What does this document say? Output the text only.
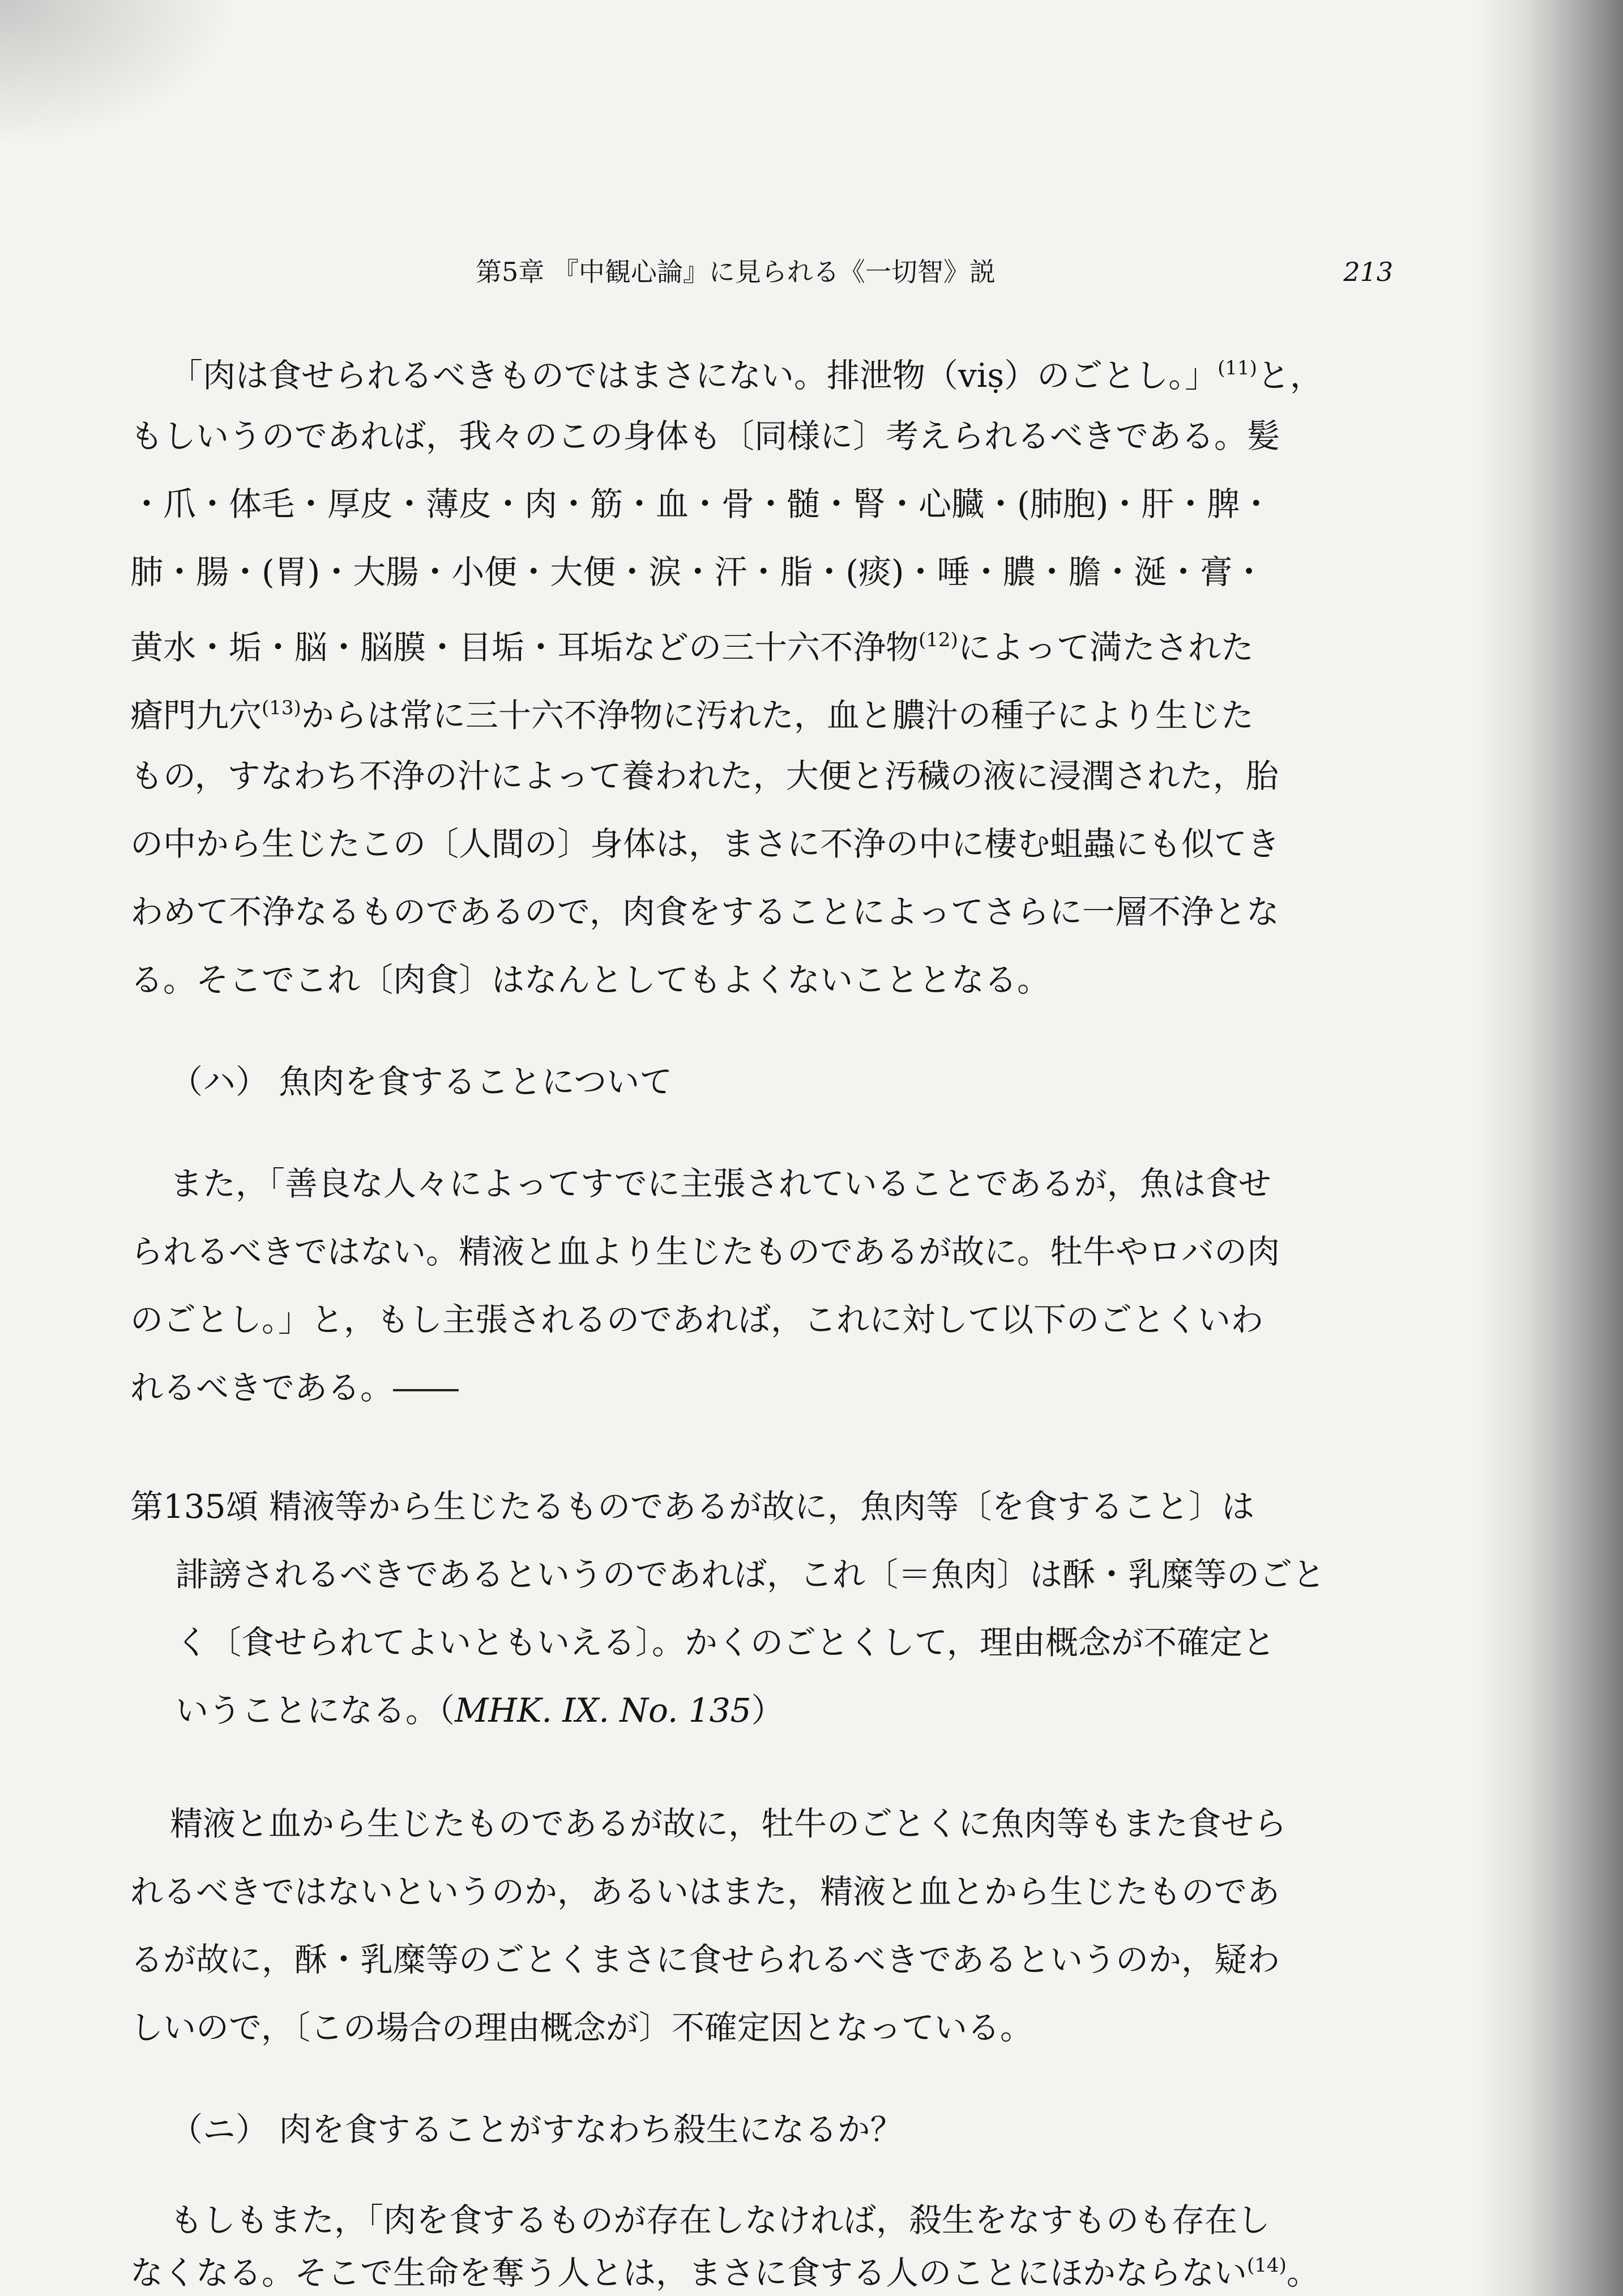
第5章 『中観心論』に見られる《一切智》説	213
「肉は食せられるべきものではまさにない。排泄物（viṣ）のごとし。」$^{(11)}$と，
もしいうのであれば，我々のこの身体も〔同様に〕考えられるべきである。髪
・爪・体毛・厚皮・薄皮・肉・筋・血・骨・髄・腎・心臓・(肺胞)・肝・脾・
肺・腸・(胃)・大腸・小便・大便・涙・汗・脂・(痰)・唾・膿・膽・涎・膏・
黄水・垢・脳・脳膜・目垢・耳垢などの三十六不浄物$^{(12)}$によって満たされた
瘡門九穴$^{(13)}$からは常に三十六不浄物に汚れた，血と膿汁の種子により生じた
もの，すなわち不浄の汁によって養われた，大便と汚穢の液に浸潤された，胎
の中から生じたこの〔人間の〕身体は，まさに不浄の中に棲む蛆蟲にも似てき
わめて不浄なるものであるので，肉食をすることによってさらに一層不浄とな
る。そこでこれ〔肉食〕はなんとしてもよくないこととなる。
（ハ） 魚肉を食することについて
また，「善良な人々によってすでに主張されていることであるが，魚は食せ
られるべきではない。精液と血より生じたものであるが故に。牡牛やロバの肉
のごとし。」と，もし主張されるのであれば，これに対して以下のごとくいわ
れるべきである。――
第135頌 精液等から生じたるものであるが故に，魚肉等〔を食すること〕は
誹謗されるべきであるというのであれば，これ〔＝魚肉〕は酥・乳糜等のごと
く〔食せられてよいともいえる〕。かくのごとくして，理由概念が不確定と
いうことになる。（MHK. IX. No. 135）
精液と血から生じたものであるが故に，牡牛のごとくに魚肉等もまた食せら
れるべきではないというのか，あるいはまた，精液と血とから生じたものであ
るが故に，酥・乳糜等のごとくまさに食せられるべきであるというのか，疑わ
しいので，〔この場合の理由概念が〕不確定因となっている。
（ニ） 肉を食することがすなわち殺生になるか？
もしもまた，「肉を食するものが存在しなければ，殺生をなすものも存在し
なくなる。そこで生命を奪う人とは，まさに食する人のことにほかならない$^{(14)}$。
